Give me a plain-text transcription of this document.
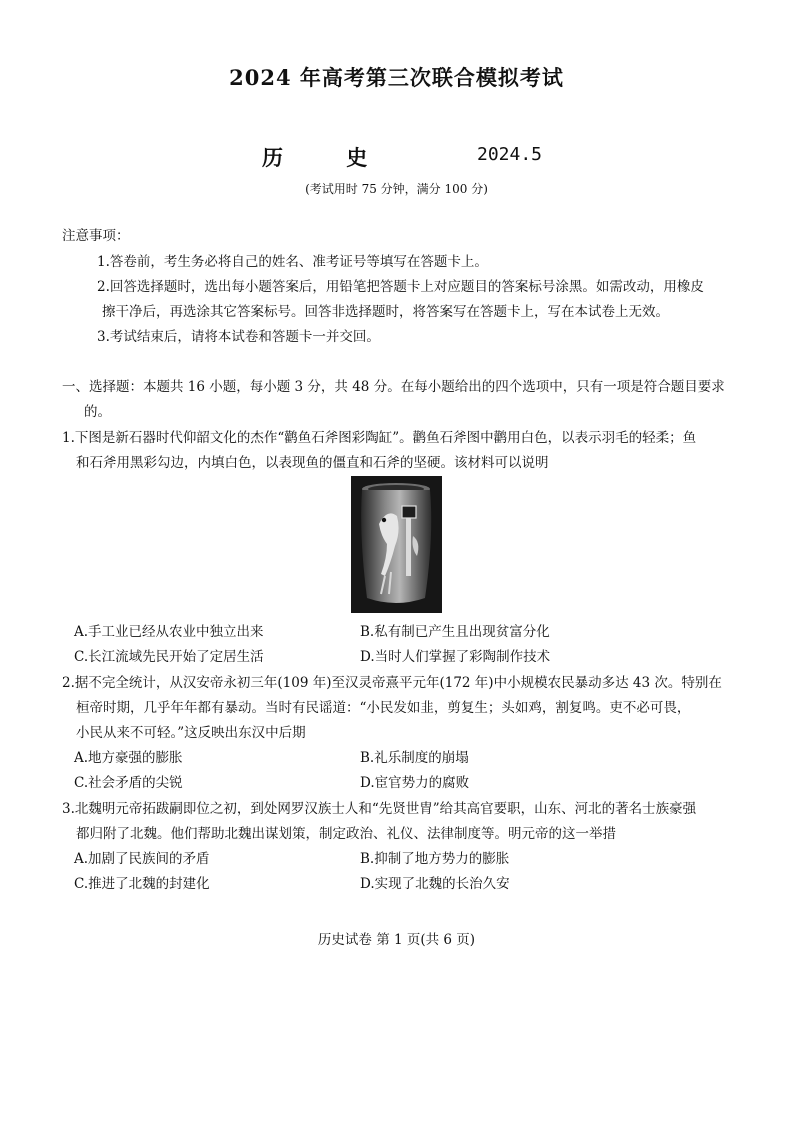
2024 年高考第三次联合模拟考试
历 史	2024.5
(考试用时 75 分钟，满分 100 分)
注意事项：
1.答卷前，考生务必将自己的姓名、准考证号等填写在答题卡上。
2.回答选择题时，选出每小题答案后，用铅笔把答题卡上对应题目的答案标号涂黑。如需改动，用橡皮
擦干净后，再选涂其它答案标号。回答非选择题时，将答案写在答题卡上，写在本试卷上无效。
3.考试结束后，请将本试卷和答题卡一并交回。
一、选择题：本题共 16 小题，每小题 3 分，共 48 分。在每小题给出的四个选项中，只有一项是符合题目要求
的。
1.下图是新石器时代仰韶文化的杰作“鹳鱼石斧图彩陶缸”。鹳鱼石斧图中鹳用白色，以表示羽毛的轻柔；鱼
和石斧用黑彩勾边，内填白色，以表现鱼的僵直和石斧的坚硬。该材料可以说明
A.手工业已经从农业中独立出来	B.私有制已产生且出现贫富分化
C.长江流域先民开始了定居生活	D.当时人们掌握了彩陶制作技术
2.据不完全统计，从汉安帝永初三年(109 年)至汉灵帝熹平元年(172 年)中小规模农民暴动多达 43 次。特别在
桓帝时期，几乎年年都有暴动。当时有民谣道：“小民发如韭，剪复生；头如鸡，割复鸣。吏不必可畏，
小民从来不可轻。”这反映出东汉中后期
A.地方豪强的膨胀	B.礼乐制度的崩塌
C.社会矛盾的尖锐	D.宦官势力的腐败
3.北魏明元帝拓跋嗣即位之初，到处网罗汉族士人和“先贤世胄”给其高官要职，山东、河北的著名士族豪强
都归附了北魏。他们帮助北魏出谋划策，制定政治、礼仪、法律制度等。明元帝的这一举措
A.加剧了民族间的矛盾	B.抑制了地方势力的膨胀
C.推进了北魏的封建化	D.实现了北魏的长治久安
历史试卷 第 1 页(共 6 页)
